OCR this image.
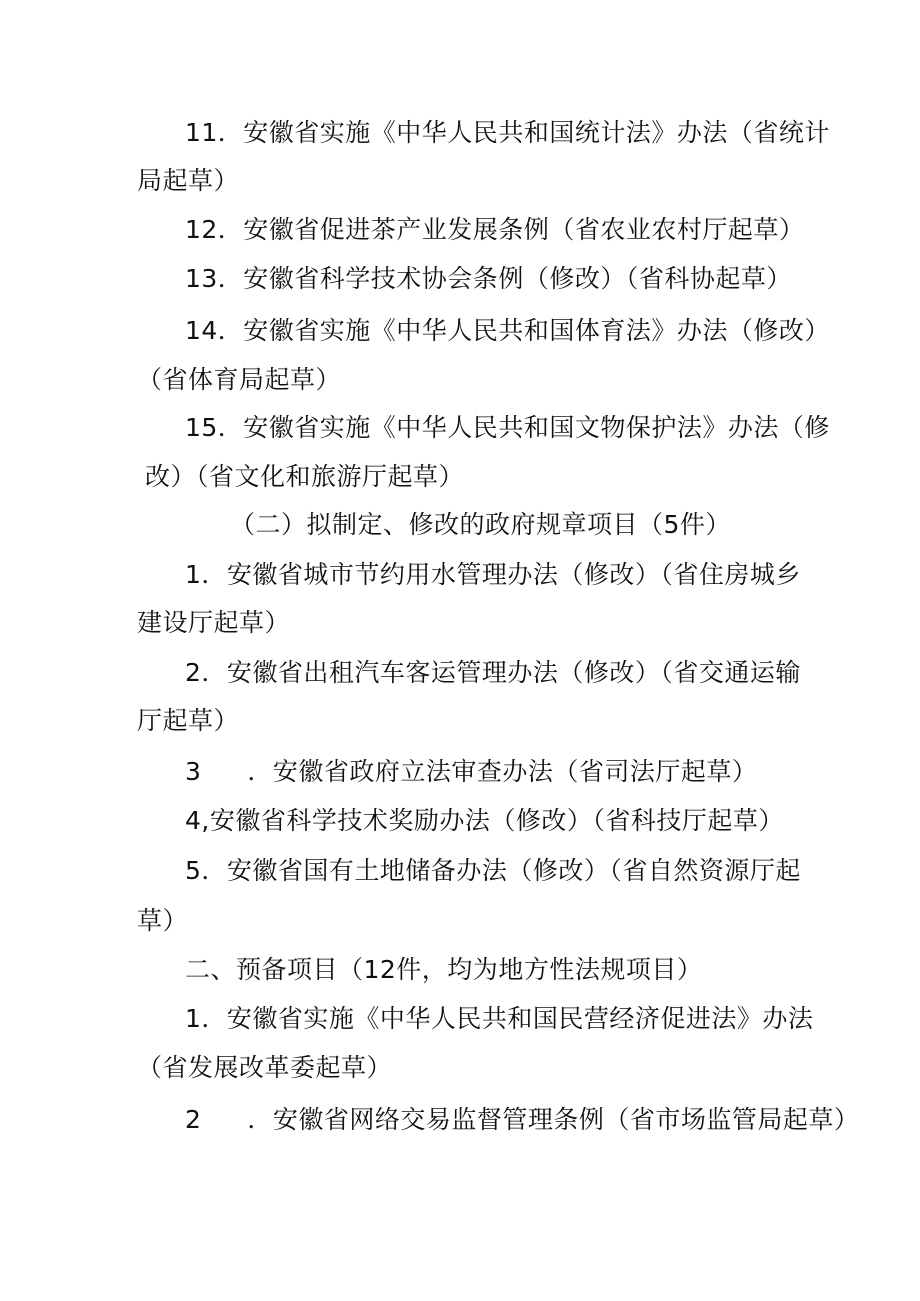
11．安徽省实施《中华人民共和国统计法》办法（省统计
局起草）
12．安徽省促进茶产业发展条例（省农业农村厅起草）
13．安徽省科学技术协会条例（修改）（省科协起草）
14．安徽省实施《中华人民共和国体育法》办法（修改）
（省体育局起草）
15．安徽省实施《中华人民共和国文物保护法》办法（修
改）（省文化和旅游厅起草）
（二）拟制定、修改的政府规章项目（5件）
1．安徽省城市节约用水管理办法（修改）（省住房城乡
建设厅起草）
2．安徽省出租汽车客运管理办法（修改）（省交通运输
厅起草）
3 ．安徽省政府立法审查办法（省司法厅起草）
4,安徽省科学技术奖励办法（修改）（省科技厅起草）
5．安徽省国有土地储备办法（修改）（省自然资源厅起
草）
二、预备项目（12件，均为地方性法规项目）
1．安徽省实施《中华人民共和国民营经济促进法》办法
（省发展改革委起草）
2 ．安徽省网络交易监督管理条例（省市场监管局起草）
